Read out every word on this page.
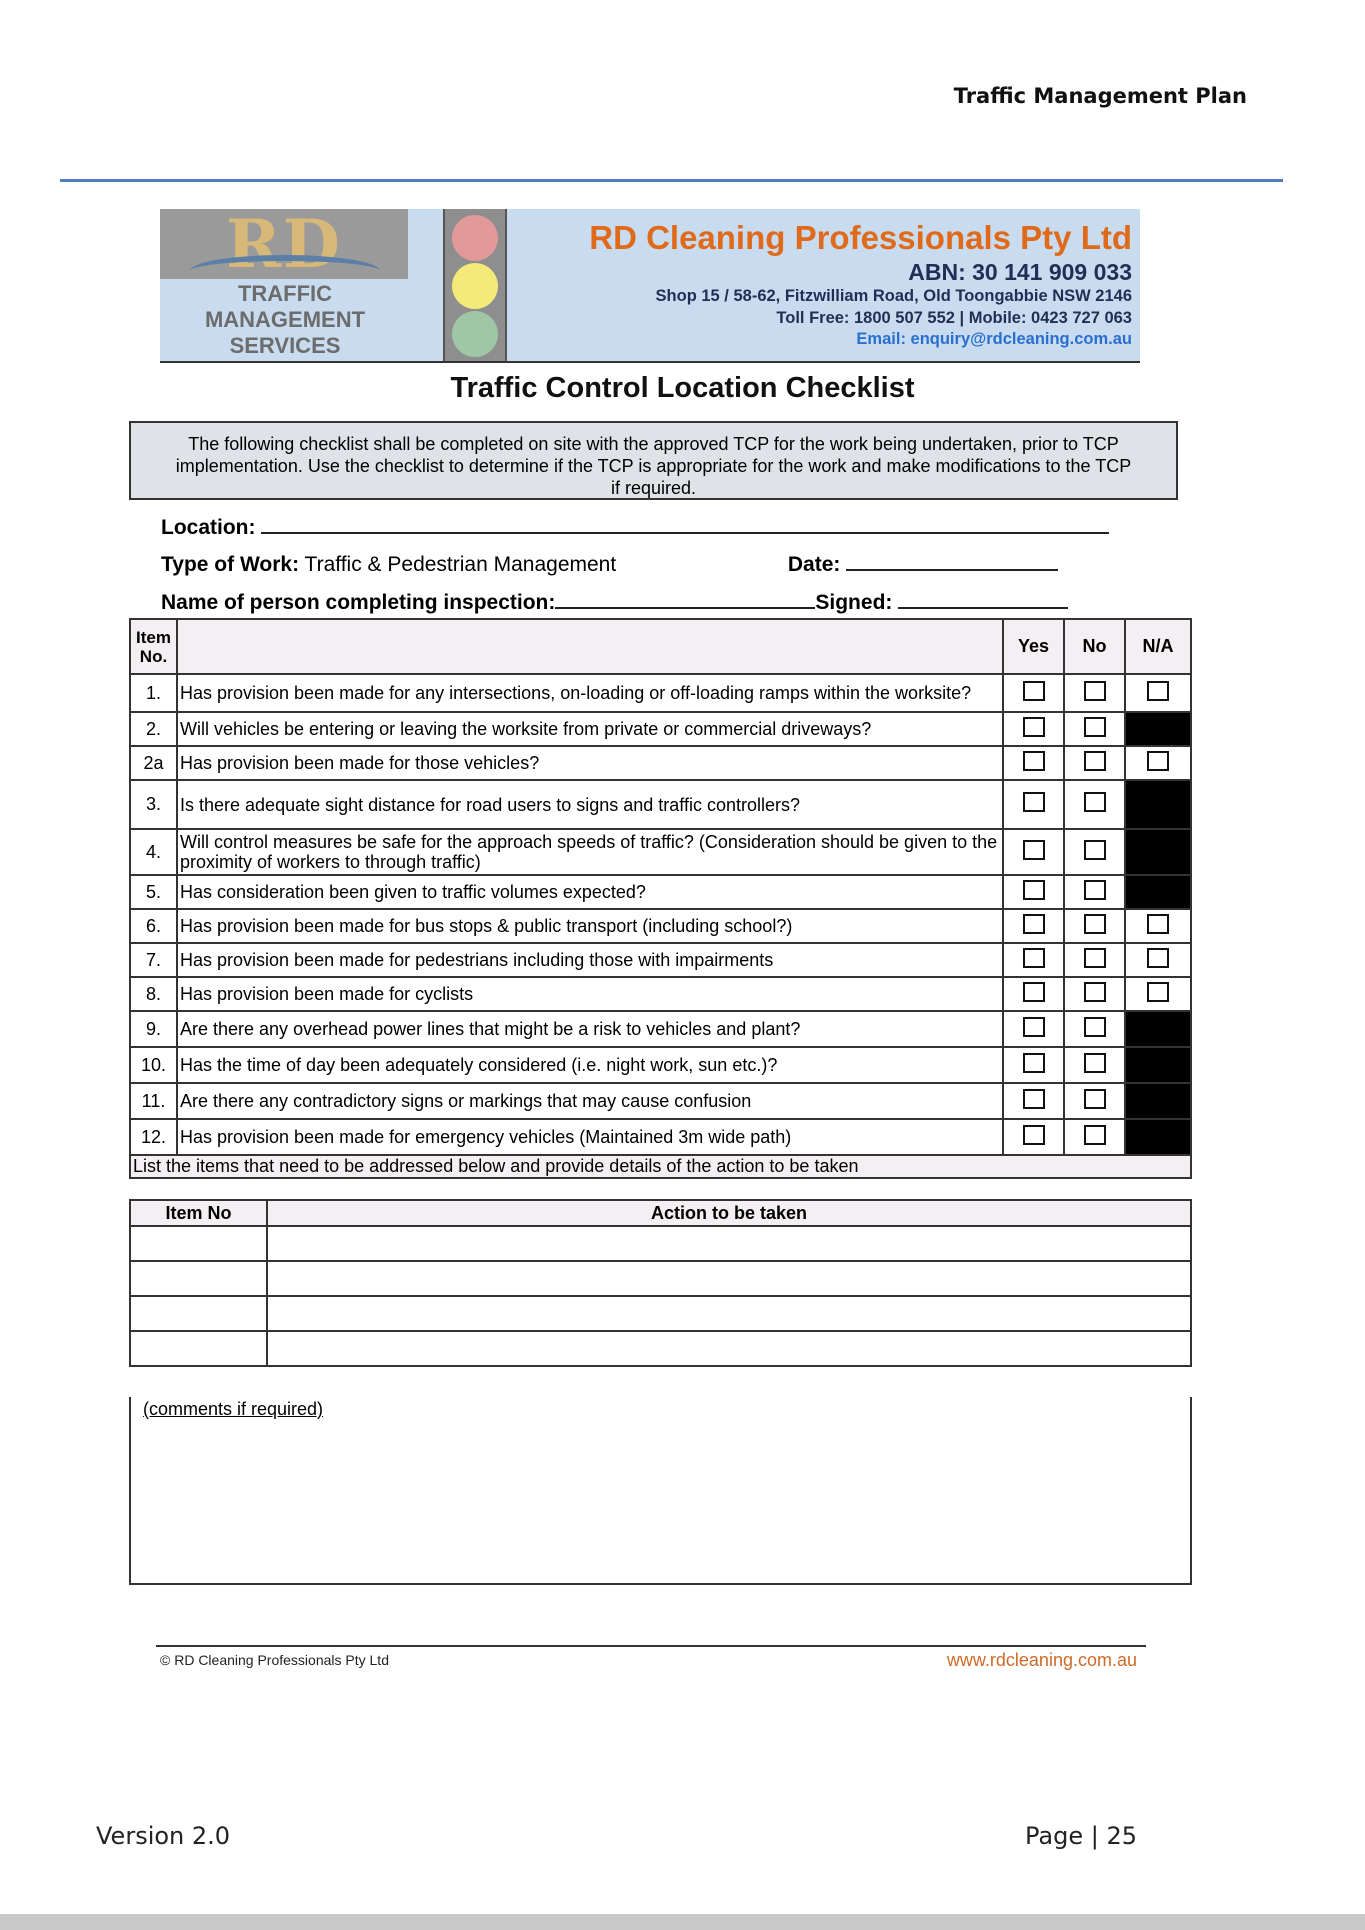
Traffic Management Plan
RD
TRAFFIC
MANAGEMENT
SERVICES
RD Cleaning Professionals Pty Ltd
ABN: 30 141 909 033
Shop 15 / 58-62, Fitzwilliam Road, Old Toongabbie NSW 2146
Toll Free: 1800 507 552 | Mobile: 0423 727 063
Email: enquiry@rdcleaning.com.au
Traffic Control Location Checklist
The following checklist shall be completed on site with the approved TCP for the work being undertaken, prior to TCP implementation. Use the checklist to determine if the TCP is appropriate for the work and make modifications to the TCP if required.
Location:
Type of Work: Traffic & Pedestrian Management	Date:
Name of person completing inspection:	Signed:
Item No.		Yes	No	N/A
1.	Has provision been made for any intersections, on-loading or off-loading ramps within the worksite?			
2.	Will vehicles be entering or leaving the worksite from private or commercial driveways?			
2a	Has provision been made for those vehicles?			
3.	Is there adequate sight distance for road users to signs and traffic controllers?			
4.	Will control measures be safe for the approach speeds of traffic? (Consideration should be given to the proximity of workers to through traffic)			
5.	Has consideration been given to traffic volumes expected?			
6.	Has provision been made for bus stops & public transport (including school?)			
7.	Has provision been made for pedestrians including those with impairments			
8.	Has provision been made for cyclists			
9.	Are there any overhead power lines that might be a risk to vehicles and plant?			
10.	Has the time of day been adequately considered (i.e. night work, sun etc.)?			
11.	Are there any contradictory signs or markings that may cause confusion			
12.	Has provision been made for emergency vehicles (Maintained 3m wide path)			
List the items that need to be addressed below and provide details of the action to be taken				
Item No	Action to be taken

(comments if required)
© RD Cleaning Professionals Pty Ltd	www.rdcleaning.com.au
Version 2.0	Page | 25
